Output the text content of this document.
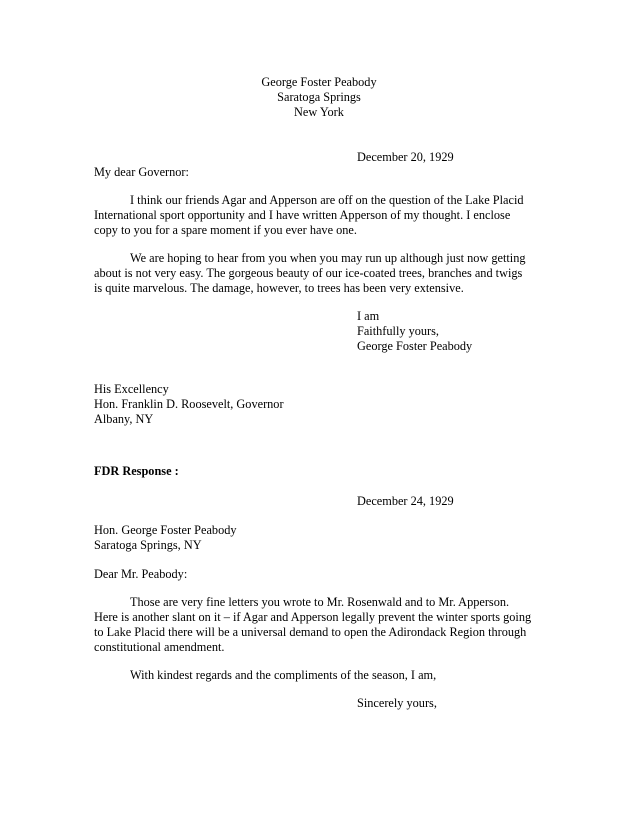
George Foster Peabody
Saratoga Springs
New York
December 20, 1929
My dear Governor:
I think our friends Agar and Apperson are off on the question of the Lake Placid
International sport opportunity and I have written Apperson of my thought. I enclose
copy to you for a spare moment if you ever have one.
We are hoping to hear from you when you may run up although just now getting
about is not very easy. The gorgeous beauty of our ice-coated trees, branches and twigs
is quite marvelous. The damage, however, to trees has been very extensive.
I am
Faithfully yours,
George Foster Peabody
His Excellency
Hon. Franklin D. Roosevelt, Governor
Albany, NY
FDR Response :
December 24, 1929
Hon. George Foster Peabody
Saratoga Springs, NY
Dear Mr. Peabody:
Those are very fine letters you wrote to Mr. Rosenwald and to Mr. Apperson.
Here is another slant on it – if Agar and Apperson legally prevent the winter sports going
to Lake Placid there will be a universal demand to open the Adirondack Region through
constitutional amendment.
With kindest regards and the compliments of the season, I am,
Sincerely yours,
